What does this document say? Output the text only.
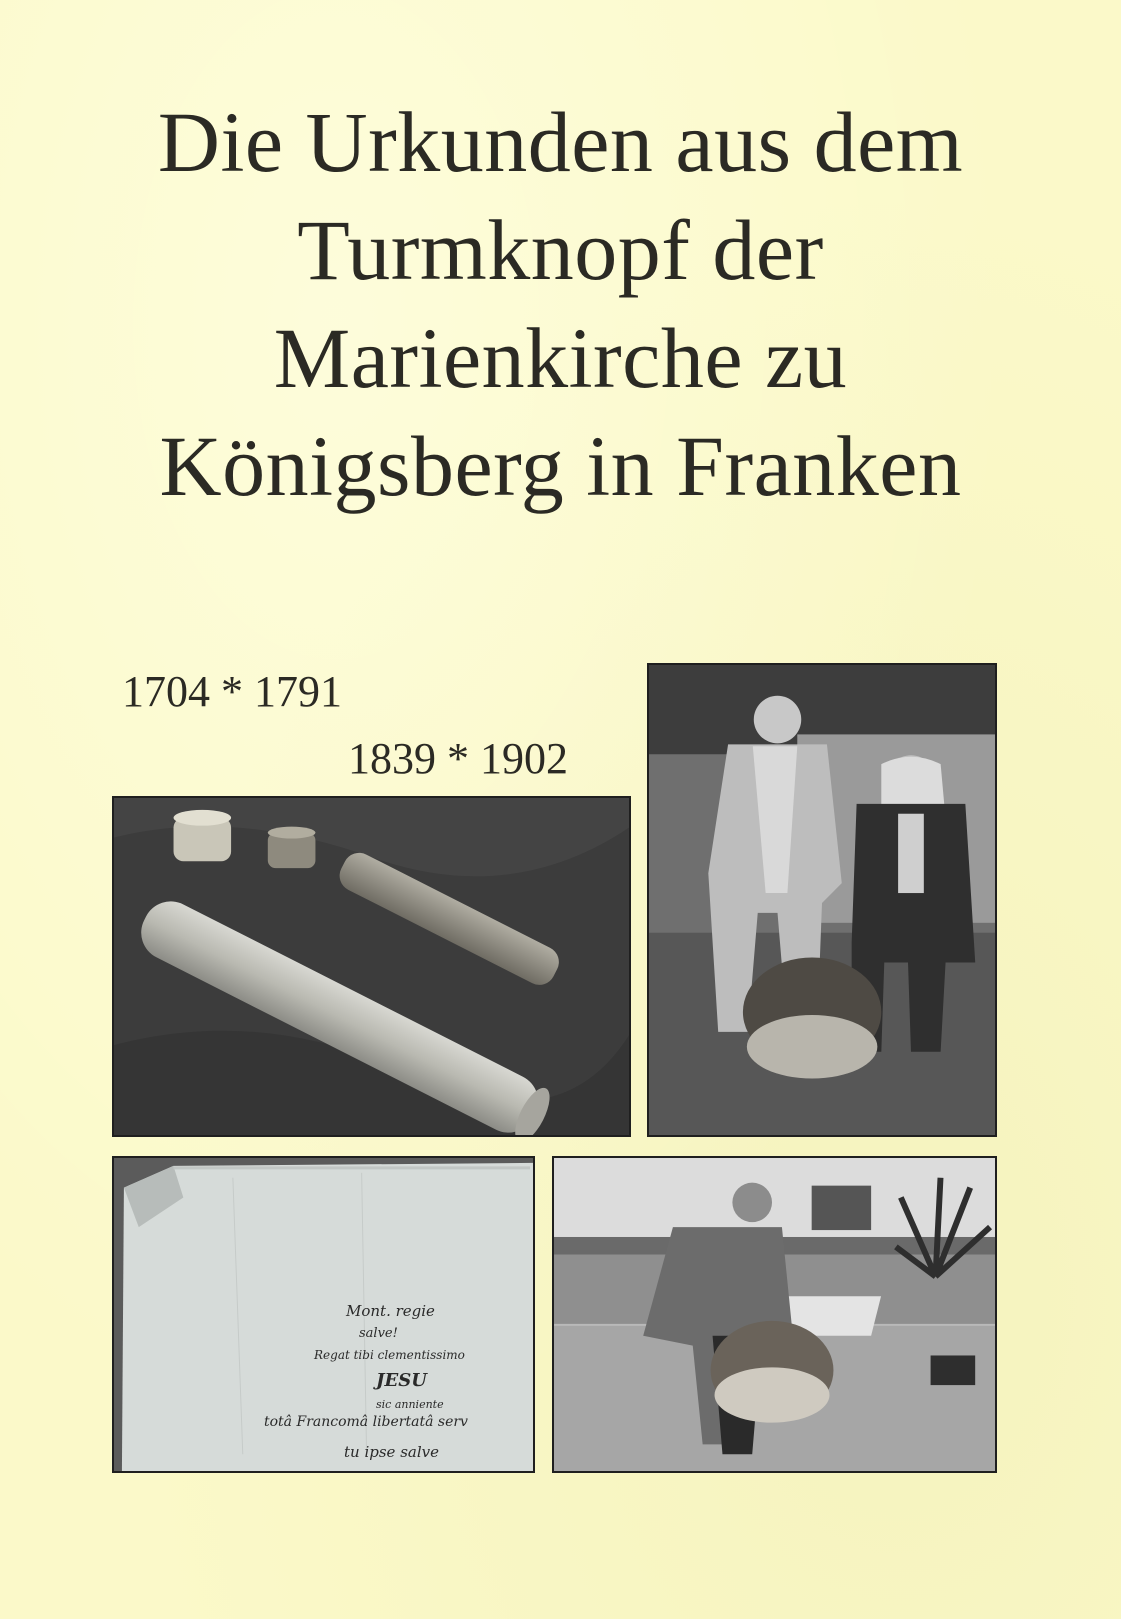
Die Urkunden aus dem
Turmknopf der
Marienkirche zu
Königsberg in Franken
1704 * 1791
1839 * 1902
Mont. regie
salve!
Regat tibi clementissimo
JESU
sic anniente
totâ Francomâ libertatâ serv
tu ipse salve
